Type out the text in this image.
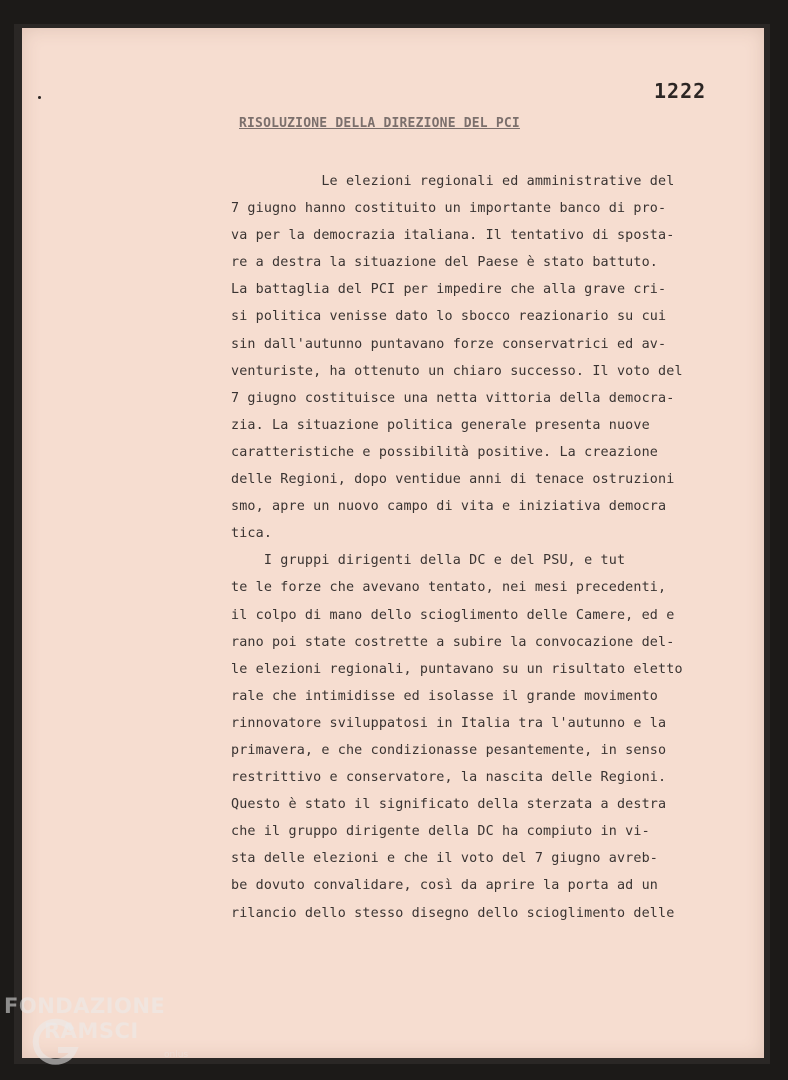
1222
RISOLUZIONE DELLA DIREZIONE DEL PCI
Le elezioni regionali ed amministrative del
7 giugno hanno costituito un importante banco di pro-
va per la democrazia italiana. Il tentativo di sposta-
re a destra la situazione del Paese è stato battuto.
La battaglia del PCI per impedire che alla grave cri-
si politica venisse dato lo sbocco reazionario su cui
sin dall'autunno puntavano forze conservatrici ed av-
venturiste, ha ottenuto un chiaro successo. Il voto del
7 giugno costituisce una netta vittoria della democra-
zia. La situazione politica generale presenta nuove
caratteristiche e possibilità positive. La creazione
delle Regioni, dopo ventidue anni di tenace ostruzioni
smo, apre un nuovo campo di vita e iniziativa democra
tica.
I gruppi dirigenti della DC e del PSU, e tut
te le forze che avevano tentato, nei mesi precedenti,
il colpo di mano dello scioglimento delle Camere, ed e
rano poi state costrette a subire la convocazione del-
le elezioni regionali, puntavano su un risultato eletto
rale che intimidisse ed isolasse il grande movimento
rinnovatore sviluppatosi in Italia tra l'autunno e la
primavera, e che condizionasse pesantemente, in senso
restrittivo e conservatore, la nascita delle Regioni.
Questo è stato il significato della sterzata a destra
che il gruppo dirigente della DC ha compiuto in vi-
sta delle elezioni e che il voto del 7 giugno avreb-
be dovuto convalidare, così da aprire la porta ad un
rilancio dello stesso disegno dello scioglimento delle
FONDAZIONE
RAMSCI
onlus
